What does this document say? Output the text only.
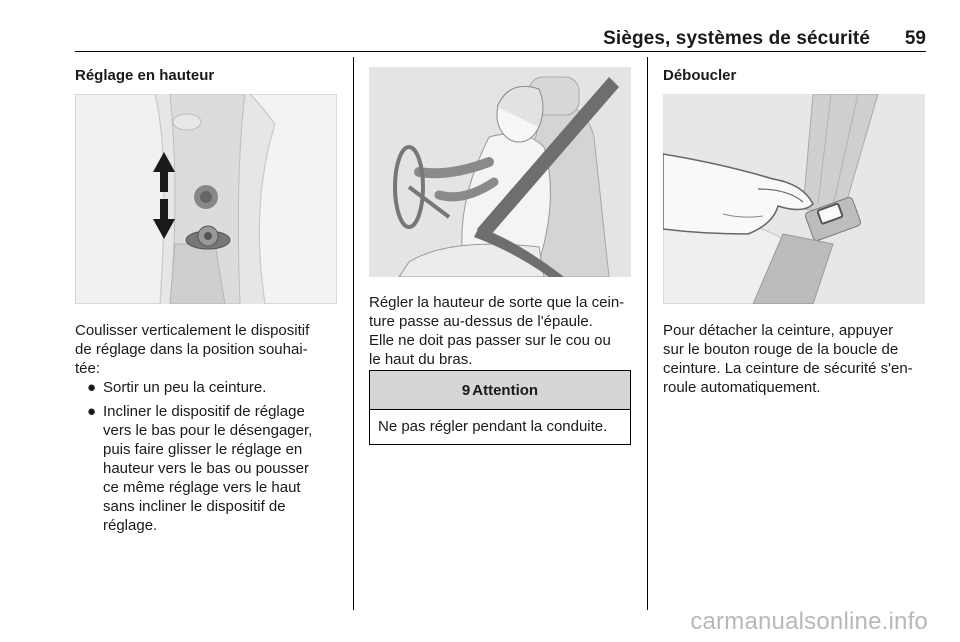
Sièges, systèmes de sécurité	59
Réglage en hauteur
Coulisser verticalement le dispositif
de réglage dans la position souhai-
tée:
● Sortir un peu la ceinture.
● Incliner le dispositif de réglage
vers le bas pour le désengager,
puis faire glisser le réglage en
hauteur vers le bas ou pousser
ce même réglage vers le haut
sans incliner le dispositif de
réglage.
Régler la hauteur de sorte que la cein-
ture passe au-dessus de l'épaule.
Elle ne doit pas passer sur le cou ou
le haut du bras.
9 Attention
Ne pas régler pendant la conduite.
Déboucler
Pour détacher la ceinture, appuyer
sur le bouton rouge de la boucle de
ceinture. La ceinture de sécurité s'en-
roule automatiquement.
carmanualsonline.info
